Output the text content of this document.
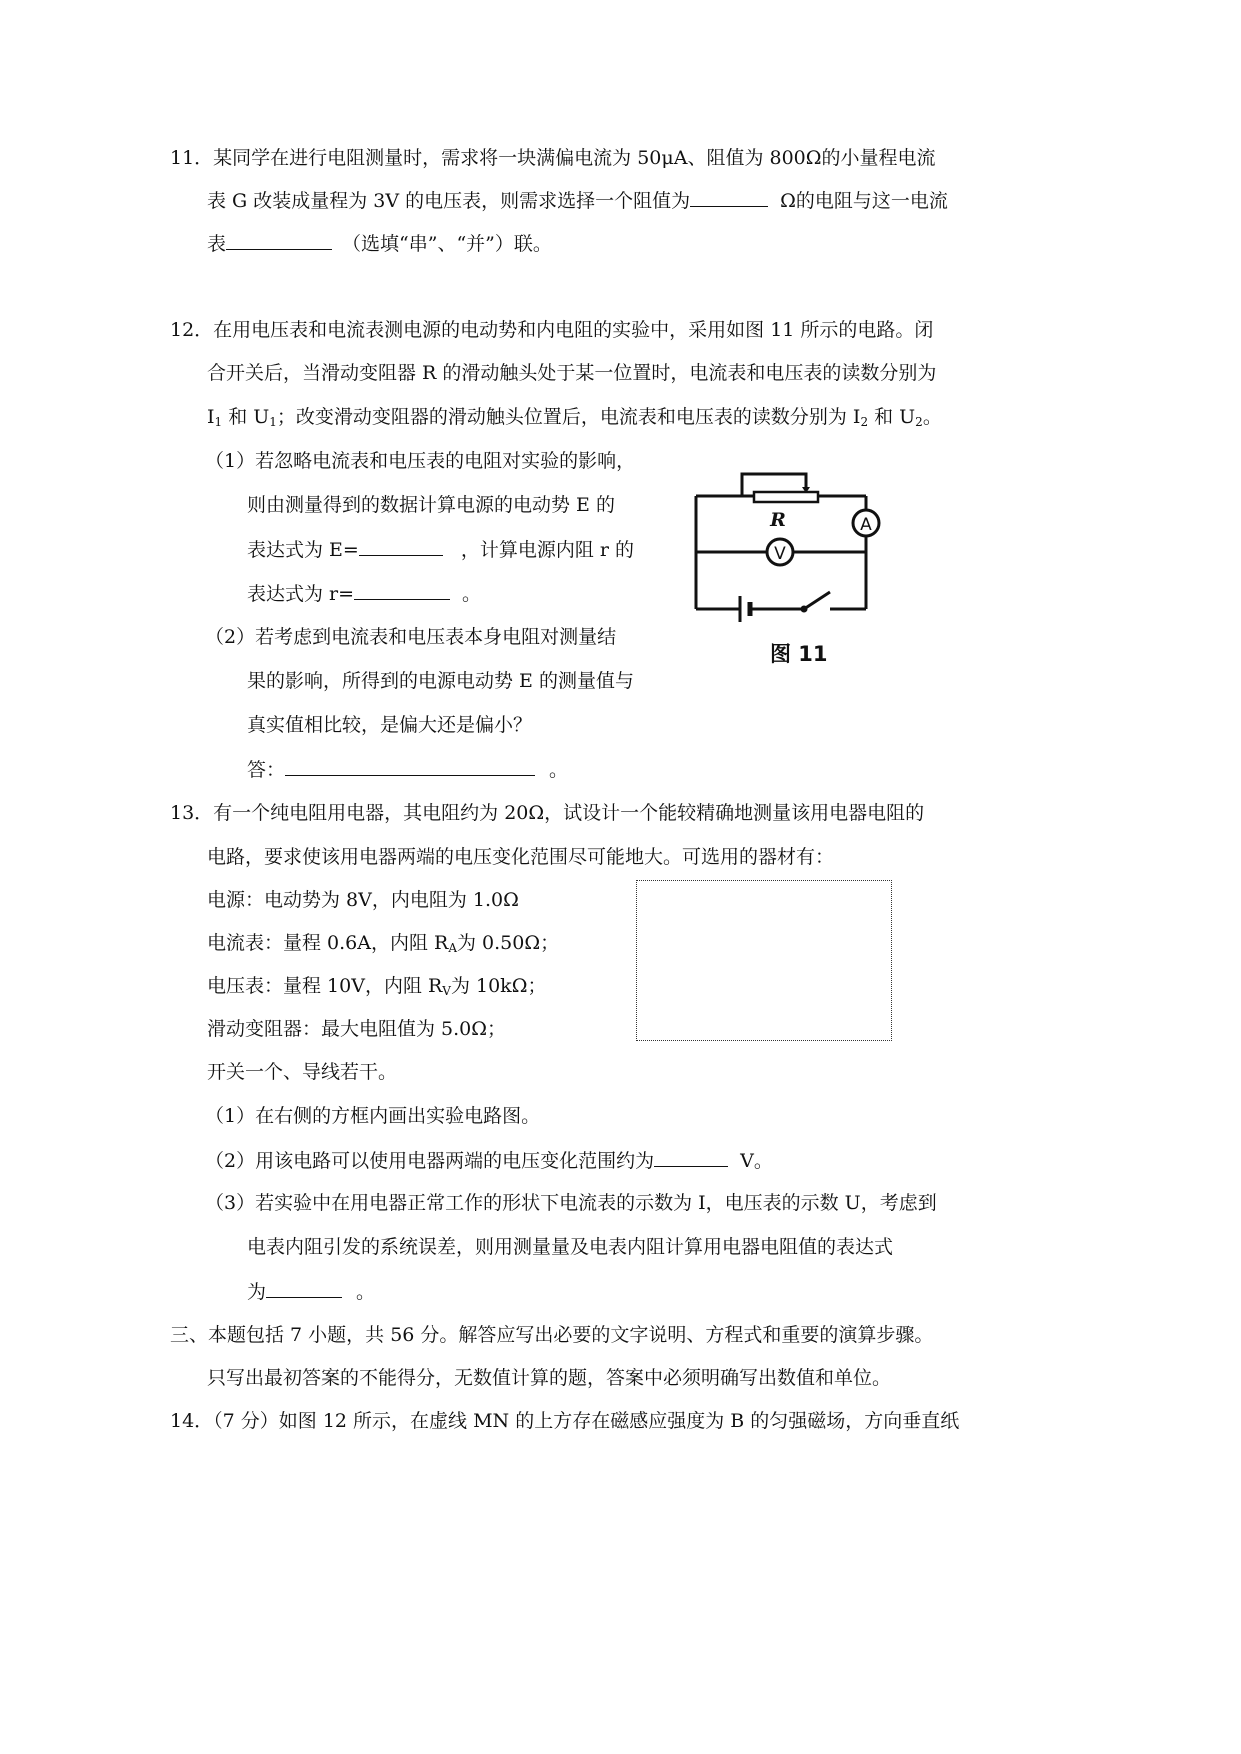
11．某同学在进行电阻测量时，需求将一块满偏电流为 50μA、阻值为 800Ω的小量程电流
表 G 改装成量程为 3V 的电压表，则需求选择一个阻值为	Ω的电阻与这一电流
表	（选填“串”、“并”）联。
12．在用电压表和电流表测电源的电动势和内电阻的实验中，采用如图 11 所示的电路。闭
合开关后，当滑动变阻器 R 的滑动触头处于某一位置时，电流表和电压表的读数分别为
$I_1$ 和 $U_1$；改变滑动变阻器的滑动触头位置后，电流表和电压表的读数分别为 $I_2$ 和 $U_2$。
（1）若忽略电流表和电压表的电阻对实验的影响，
则由测量得到的数据计算电源的电动势 E 的
表达式为 E=	，计算电源内阻 r 的
表达式为 r=	。
（2）若考虑到电流表和电压表本身电阻对测量结
果的影响，所得到的电源电动势 E 的测量值与
真实值相比较，是偏大还是偏小？
答：	。
V
A
R
图 11
13．有一个纯电阻用电器，其电阻约为 20Ω，试设计一个能较精确地测量该用电器电阻的
电路，要求使该用电器两端的电压变化范围尽可能地大。可选用的器材有：
电源：电动势为 8V，内电阻为 1.0Ω
电流表：量程 0.6A，内阻 $R_A$为 0.50Ω；
电压表：量程 10V，内阻 $R_V$为 10kΩ；
滑动变阻器：最大电阻值为 5.0Ω；
开关一个、导线若干。
（1）在右侧的方框内画出实验电路图。
（2）用该电路可以使用电器两端的电压变化范围约为	V。
（3）若实验中在用电器正常工作的形状下电流表的示数为 I，电压表的示数 U，考虑到
电表内阻引发的系统误差，则用测量量及电表内阻计算用电器电阻值的表达式
为	。
三、本题包括 7 小题，共 56 分。解答应写出必要的文字说明、方程式和重要的演算步骤。
只写出最初答案的不能得分，无数值计算的题，答案中必须明确写出数值和单位。
14．（7 分）如图 12 所示，在虚线 MN 的上方存在磁感应强度为 B 的匀强磁场，方向垂直纸
